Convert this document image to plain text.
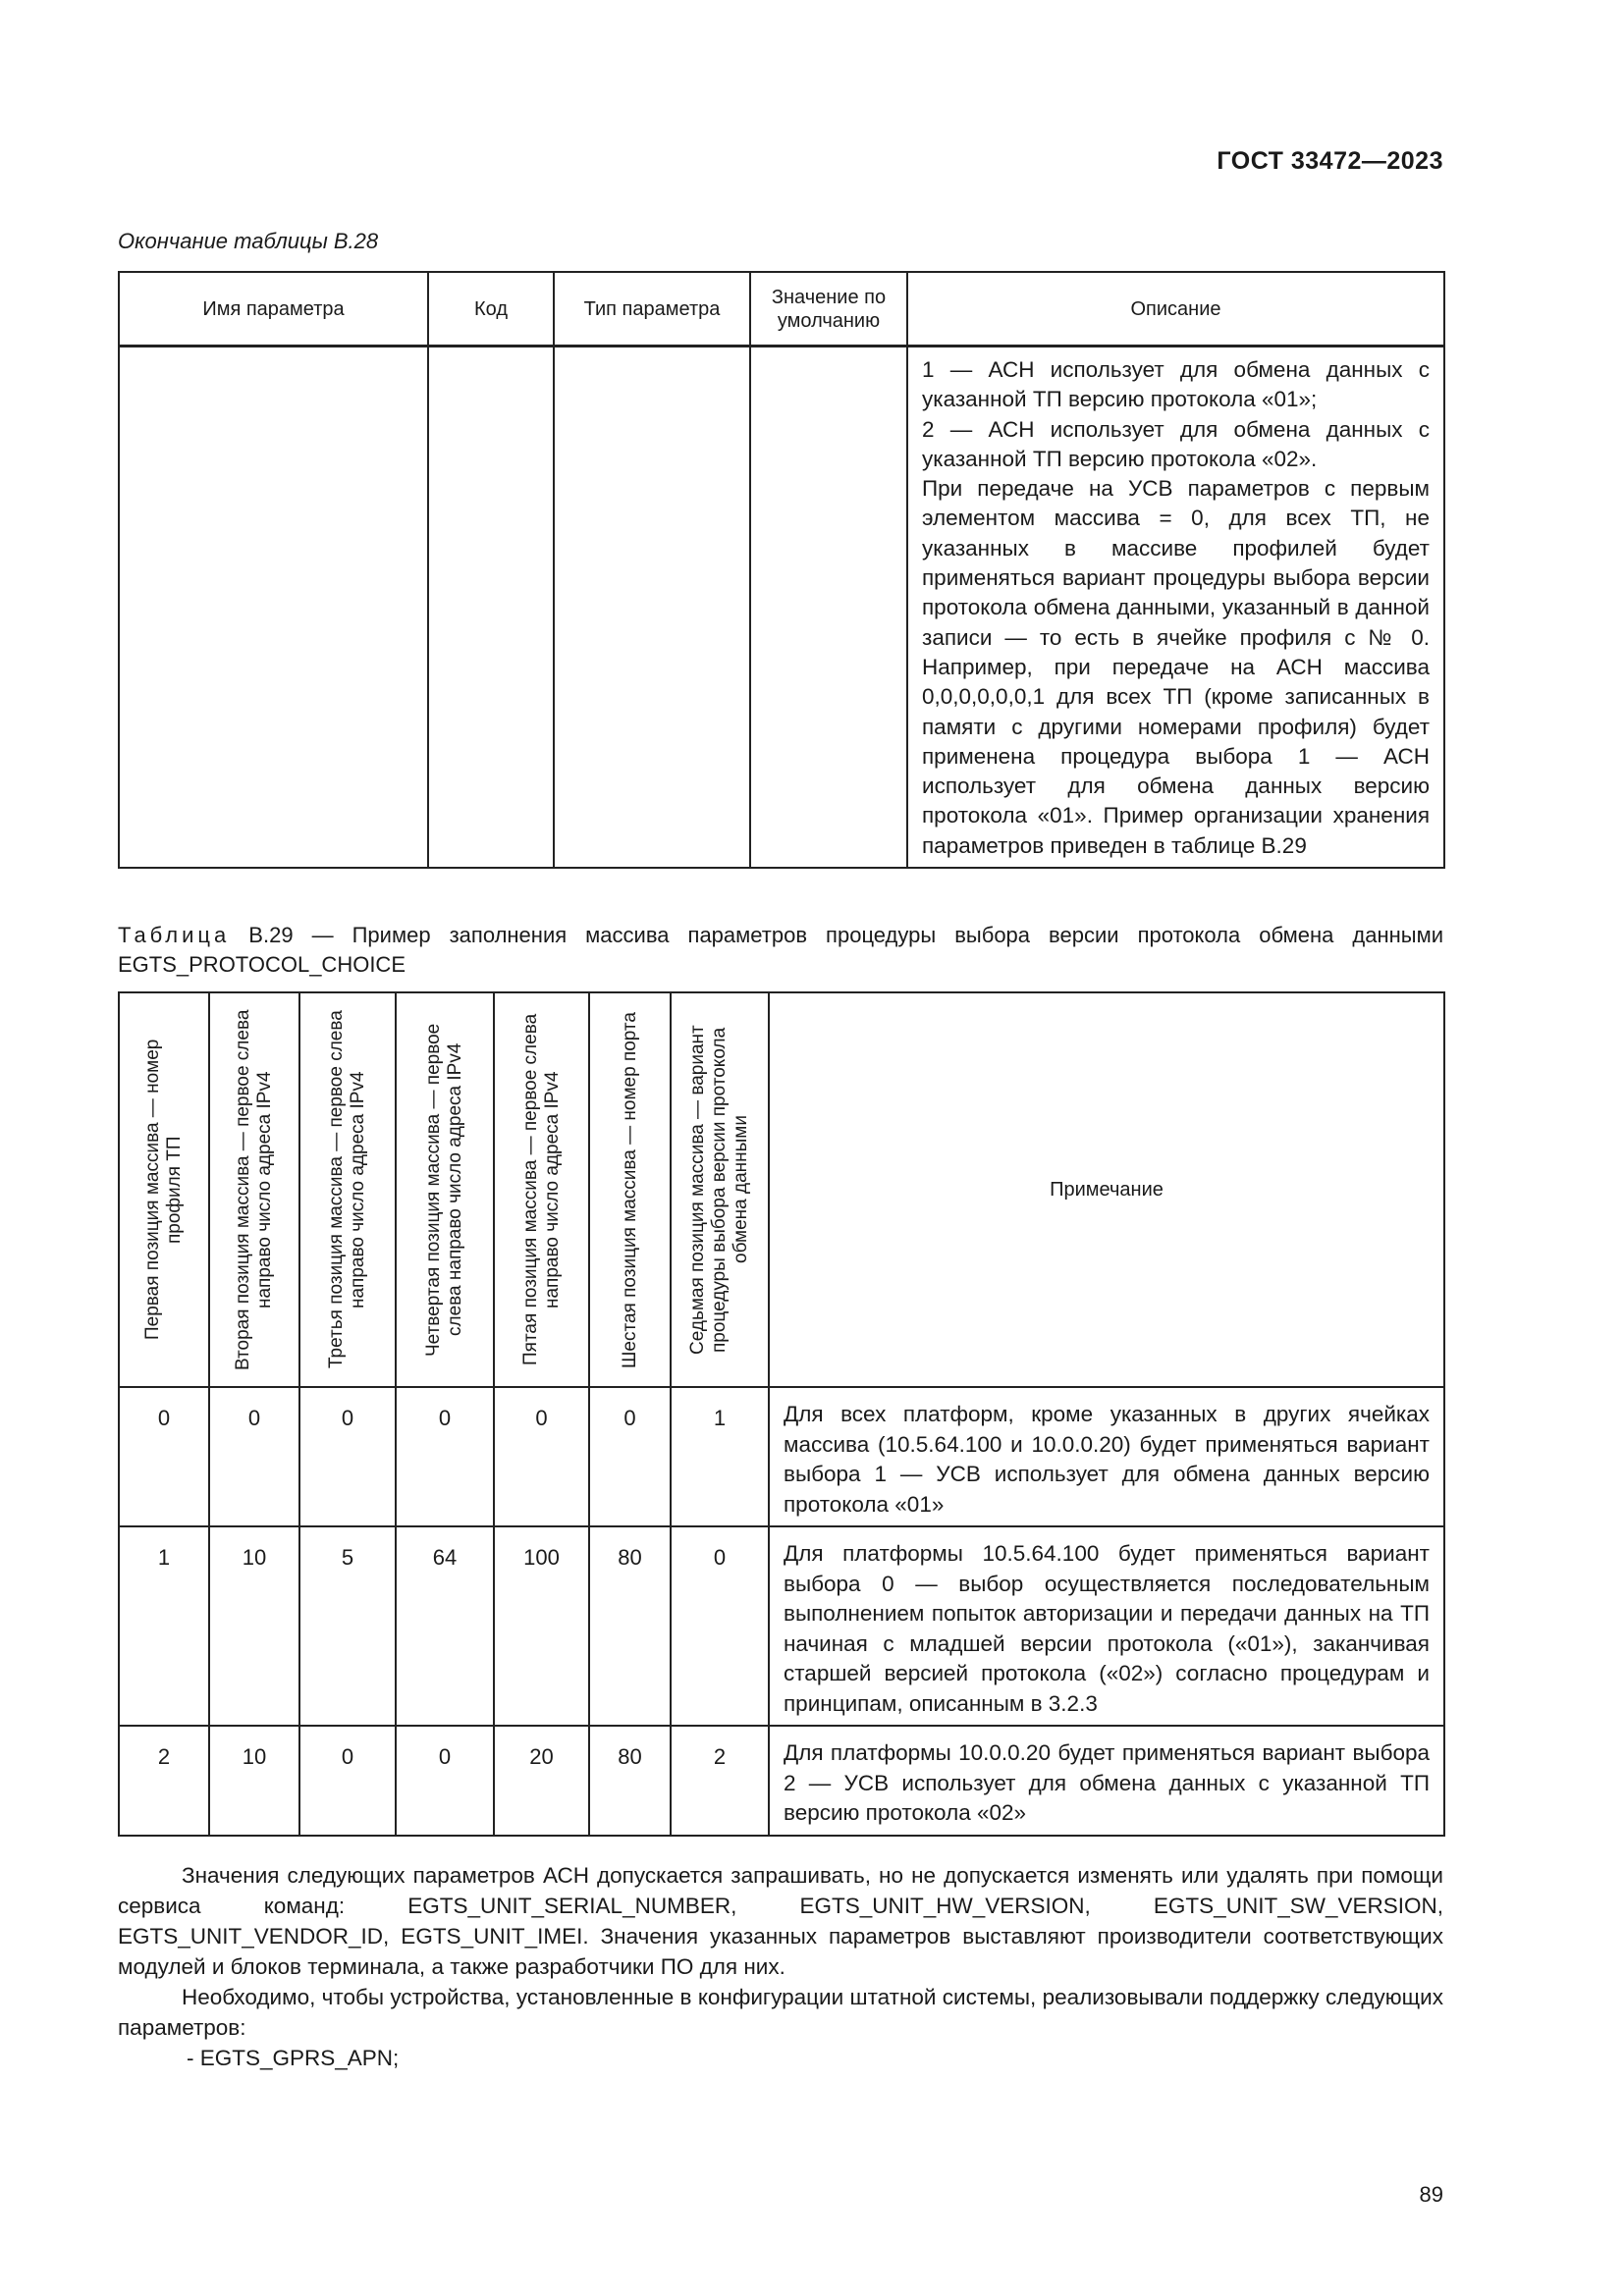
ГОСТ 33472—2023
Окончание таблицы В.28
Имя параметра	Код	Тип параметра	Значение по умолчанию	Описание

				1 — АСН использует для обмена данных с указанной ТП версию протокола «01»;
2 — АСН использует для обмена данных с указанной ТП версию протокола «02».
При передаче на УСВ параметров с первым элементом массива = 0, для всех ТП, не указанных в массиве профилей будет применяться вариант процедуры выбора версии протокола обмена данными, указанный в данной записи — то есть в ячейке профиля с № 0. Например, при передаче на АСН массива 0,0,0,0,0,0,1 для всех ТП (кроме записанных в памяти с другими номерами профиля) будет применена процедура выбора 1 — АСН использует для обмена данных версию протокола «01». Пример организации хранения параметров приведен в таблице В.29
Таблица В.29 — Пример заполнения массива параметров процедуры выбора версии протокола обмена данными EGTS_PROTOCOL_CHOICE
Первая позиция массива — номер профиля ТП	Вторая позиция массива — первое слева направо число адреса IPv4	Третья позиция массива — первое слева направо число адреса IPv4	Четвертая позиция массива — первое слева направо число адреса IPv4	Пятая позиция массива — первое слева направо число адреса IPv4	Шестая позиция массива — номер порта	Седьмая позиция массива — вариант процедуры выбора версии протокола обмена данными	Примечание
0	0	0	0	0	0	1	Для всех платформ, кроме указанных в других ячейках массива (10.5.64.100 и 10.0.0.20) будет применяться вариант выбора 1 — УСВ использует для обмена данных версию протокола «01»
1	10	5	64	100	80	0	Для платформы 10.5.64.100 будет применяться вариант выбора 0 — выбор осуществляется последовательным выполнением попыток авторизации и передачи данных на ТП начиная с младшей версии протокола («01»), заканчивая старшей версией протокола («02») согласно процедурам и принципам, описанным в 3.2.3
2	10	0	0	20	80	2	Для платформы 10.0.0.20 будет применяться вариант выбора 2 — УСВ использует для обмена данных с указанной ТП версию протокола «02»

Значения следующих параметров АСН допускается запрашивать, но не допускается изменять или удалять при помощи сервиса команд: EGTS_UNIT_SERIAL_NUMBER, EGTS_UNIT_HW_VERSION, EGTS_UNIT_SW_VERSION, EGTS_UNIT_VENDOR_ID, EGTS_UNIT_IMEI. Значения указанных параметров выставляют производители соответствующих модулей и блоков терминала, а также разработчики ПО для них.

Необходимо, чтобы устройства, установленные в конфигурации штатной системы, реализовывали поддержку следующих параметров:

- EGTS_GPRS_APN;

89
